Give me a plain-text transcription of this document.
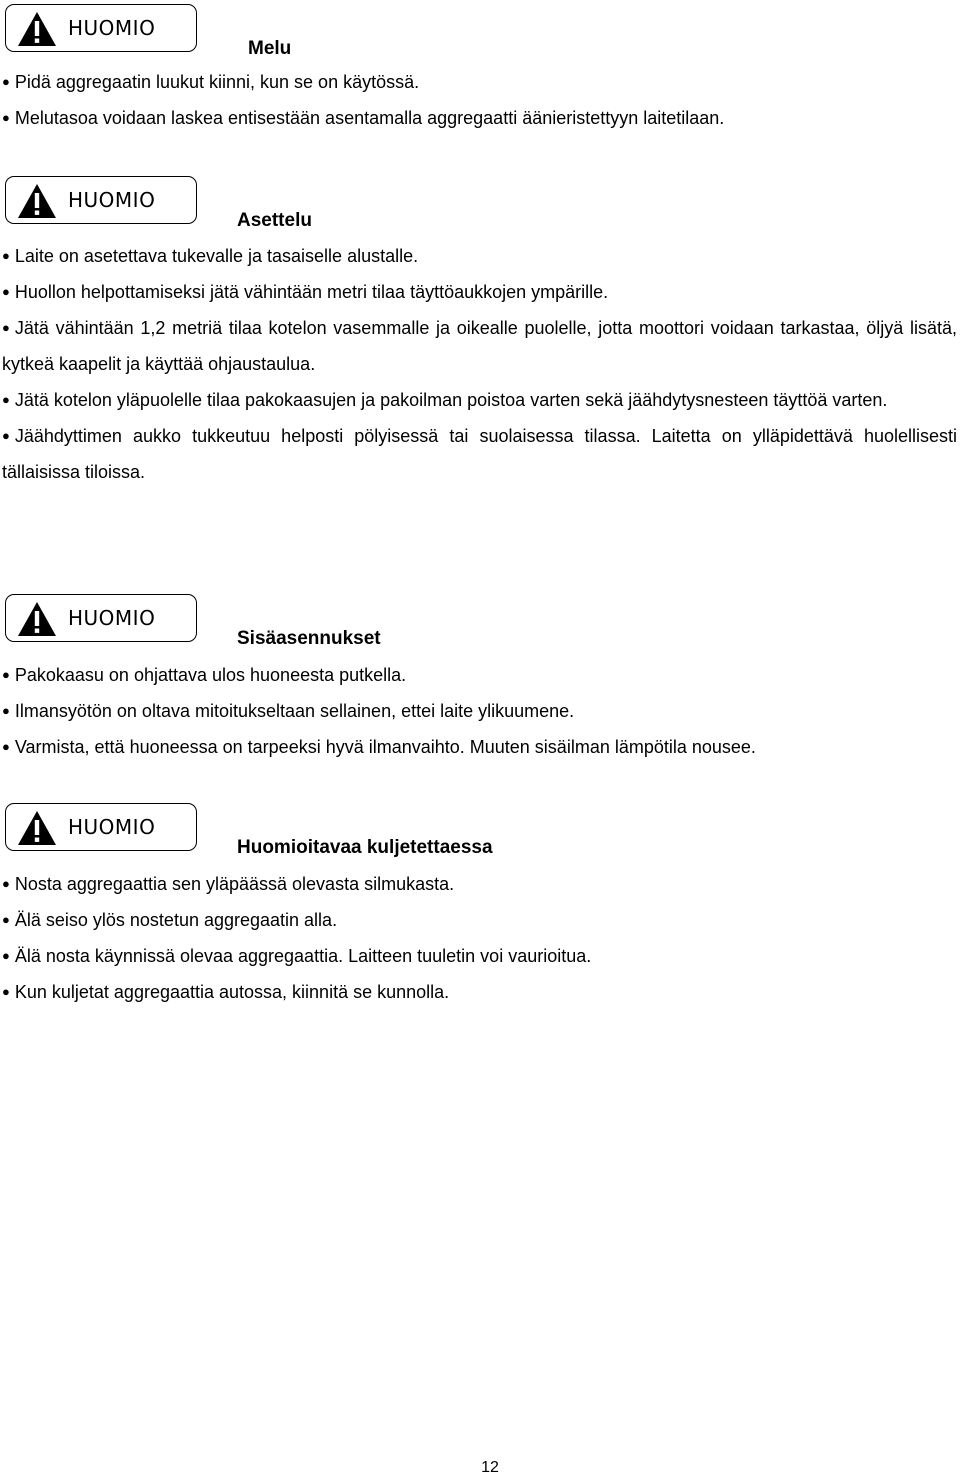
HUOMIO
Melu
● Pidä aggregaatin luukut kiinni, kun se on käytössä.
● Melutasoa voidaan laskea entisestään asentamalla aggregaatti äänieristettyyn laitetilaan.
HUOMIO
Asettelu
● Laite on asetettava tukevalle ja tasaiselle alustalle.
● Huollon helpottamiseksi jätä vähintään metri tilaa täyttöaukkojen ympärille.
● Jätä vähintään 1,2 metriä tilaa kotelon vasemmalle ja oikealle puolelle, jotta moottori voidaan tarkastaa, öljyä lisätä, kytkeä kaapelit ja käyttää ohjaustaulua.
● Jätä kotelon yläpuolelle tilaa pakokaasujen ja pakoilman poistoa varten sekä jäähdytysnesteen täyttöä varten.
● Jäähdyttimen aukko tukkeutuu helposti pölyisessä tai suolaisessa tilassa. Laitetta on ylläpidettävä huolellisesti tällaisissa tiloissa.
HUOMIO
Sisäasennukset
● Pakokaasu on ohjattava ulos huoneesta putkella.
● Ilmansyötön on oltava mitoitukseltaan sellainen, ettei laite ylikuumene.
● Varmista, että huoneessa on tarpeeksi hyvä ilmanvaihto. Muuten sisäilman lämpötila nousee.
HUOMIO
Huomioitavaa kuljetettaessa
● Nosta aggregaattia sen yläpäässä olevasta silmukasta.
● Älä seiso ylös nostetun aggregaatin alla.
● Älä nosta käynnissä olevaa aggregaattia. Laitteen tuuletin voi vaurioitua.
● Kun kuljetat aggregaattia autossa, kiinnitä se kunnolla.
12
